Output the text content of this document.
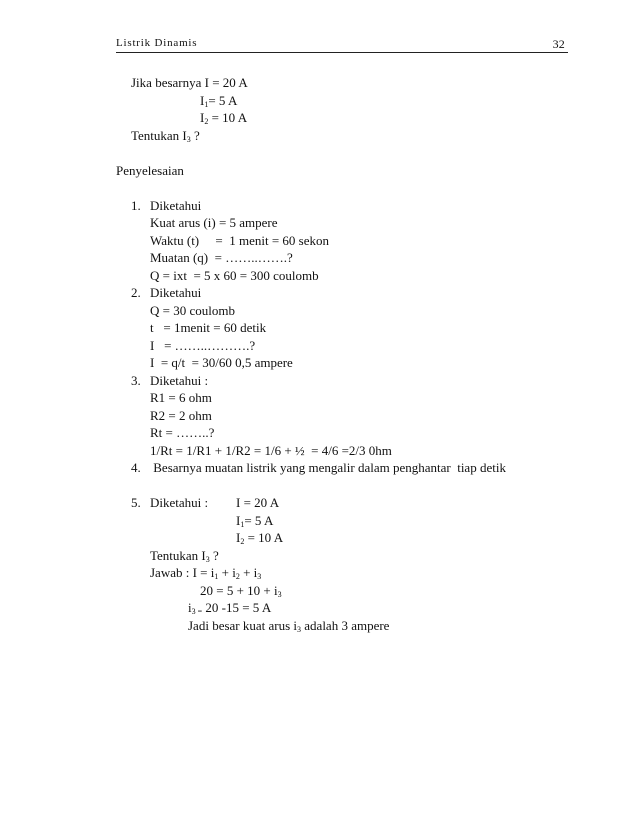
Listrik Dinamis	32
Jika besarnya I = 20 A
$I_1= 5$ A
$I_2 = 10$ A
Tentukan $I_3$ ?
Penyelesaian
1. Diketahui
Kuat arus (i) = 5 ampere
Waktu (t)     =  1 menit = 60 sekon
Muatan (q)  = ……..…….?
Q = ixt  = 5 x 60 = 300 coulomb
2. Diketahui
Q = 30 coulomb
t   = 1menit = 60 detik
I   = ……..……….?
I  = q/t  = 30/60 0,5 ampere
3. Diketahui :
R1 = 6 ohm
R2 = 2 ohm
Rt = ……..?
1/Rt = 1/R1 + 1/R2 = 1/6 + ½  = 4/6 =2/3 0hm
4. Besarnya muatan listrik yang mengalir dalam penghantar  tiap detik
5. Diketahui : I = 20 A
$I_1= 5$ A
$I_2 = 10$ A
Tentukan $I_3$ ?
Jawab : $I = i_1 + i_2 + i_3$
$20 = 5 + 10 + i_3$
$i_{3 =}$ 20 -15 = 5 A
Jadi besar kuat arus $i_3$ adalah 3 ampere
